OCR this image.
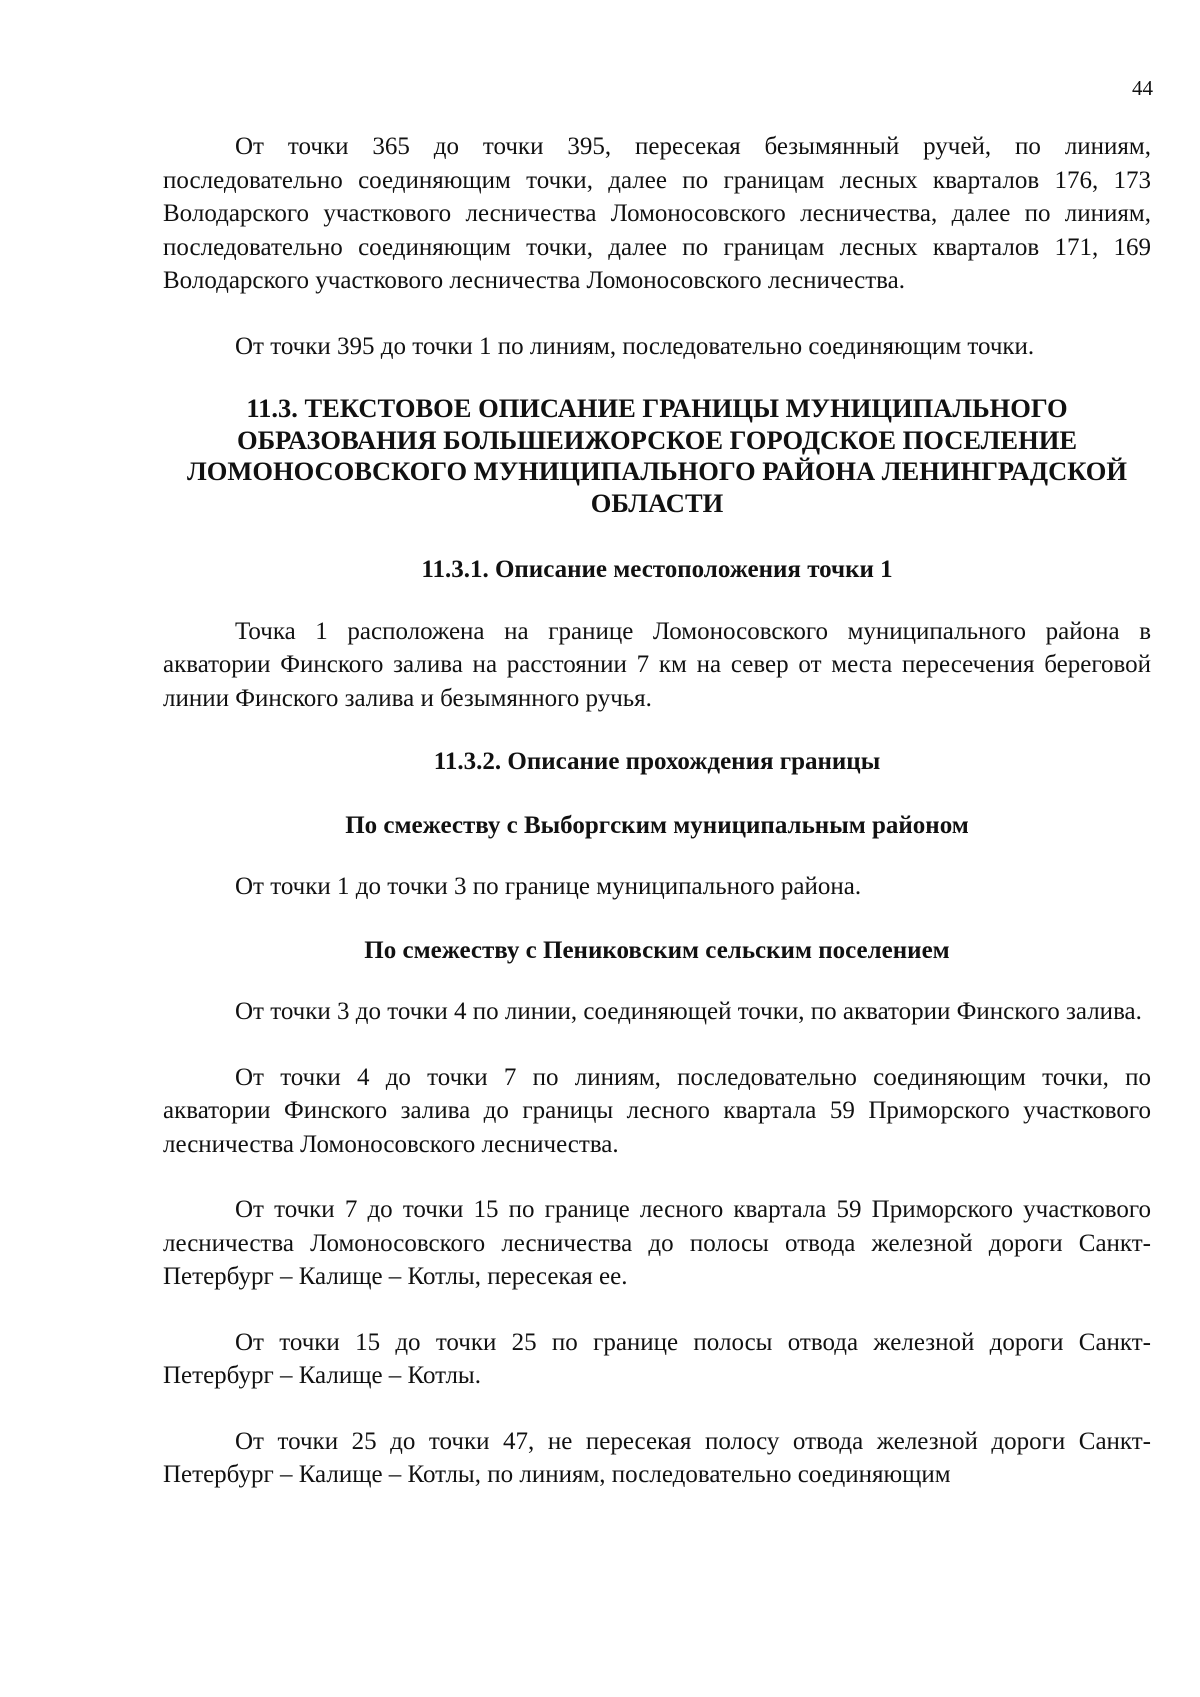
44

От точки 365 до точки 395, пересекая безымянный ручей, по линиям, последовательно соединяющим точки, далее по границам лесных кварталов 176, 173 Володарского участкового лесничества Ломоносовского лесничества, далее по линиям, последовательно соединяющим точки, далее по границам лесных кварталов 171, 169 Володарского участкового лесничества Ломоносовского лесничества.

От точки 395 до точки 1 по линиям, последовательно соединяющим точки.

11.3. ТЕКСТОВОЕ ОПИСАНИЕ ГРАНИЦЫ МУНИЦИПАЛЬНОГО ОБРАЗОВАНИЯ БОЛЬШЕИЖОРСКОЕ ГОРОДСКОЕ ПОСЕЛЕНИЕ ЛОМОНОСОВСКОГО МУНИЦИПАЛЬНОГО РАЙОНА ЛЕНИНГРАДСКОЙ ОБЛАСТИ
11.3.1. Описание местоположения точки 1

Точка 1 расположена на границе Ломоносовского муниципального района в акватории Финского залива на расстоянии 7 км на север от места пересечения береговой линии Финского залива и безымянного ручья.

11.3.2. Описание прохождения границы
По смежеству с Выборгским муниципальным районом

От точки 1 до точки 3 по границе муниципального района.

По смежеству с Пениковским сельским поселением

От точки 3 до точки 4 по линии, соединяющей точки, по акватории Финского залива.

От точки 4 до точки 7 по линиям, последовательно соединяющим точки, по акватории Финского залива до границы лесного квартала 59 Приморского участкового лесничества Ломоносовского лесничества.

От точки 7 до точки 15 по границе лесного квартала 59 Приморского участкового лесничества Ломоносовского лесничества до полосы отвода железной дороги Санкт-Петербург – Калище – Котлы, пересекая ее.

От точки 15 до точки 25 по границе полосы отвода железной дороги Санкт-Петербург – Калище – Котлы.

От точки 25 до точки 47, не пересекая полосу отвода железной дороги Санкт-Петербург – Калище – Котлы, по линиям, последовательно соединяющим
